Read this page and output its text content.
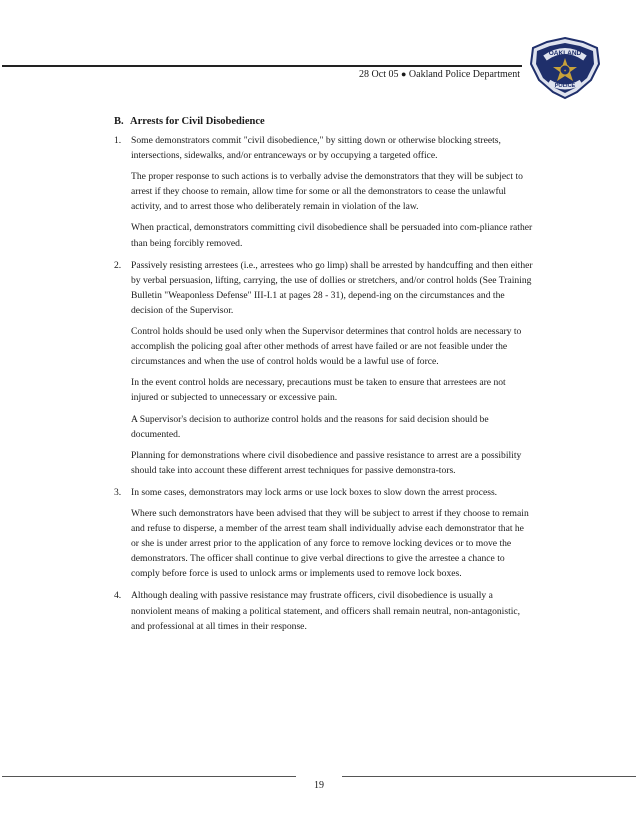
28 Oct 05 ● Oakland Police Department
OAKLAND
✦
POLICE
B. Arrests for Civil Disobedience
1. Some demonstrators commit "civil disobedience," by sitting down or otherwise blocking streets, intersections, sidewalks, and/or entranceways or by occupying a targeted office.

The proper response to such actions is to verbally advise the demonstrators that they will be subject to arrest if they choose to remain, allow time for some or all the demonstrators to cease the unlawful activity, and to arrest those who deliberately remain in violation of the law.

When practical, demonstrators committing civil disobedience shall be persuaded into com-pliance rather than being forcibly removed.

2. Passively resisting arrestees (i.e., arrestees who go limp) shall be arrested by handcuffing and then either by verbal persuasion, lifting, carrying, the use of dollies or stretchers, and/or control holds (See Training Bulletin "Weaponless Defense" III-I.1 at pages 28 - 31), depend-ing on the circumstances and the decision of the Supervisor.

Control holds should be used only when the Supervisor determines that control holds are necessary to accomplish the policing goal after other methods of arrest have failed or are not feasible under the circumstances and when the use of control holds would be a lawful use of force.

In the event control holds are necessary, precautions must be taken to ensure that arrestees are not injured or subjected to unnecessary or excessive pain.

A Supervisor's decision to authorize control holds and the reasons for said decision should be documented.

Planning for demonstrations where civil disobedience and passive resistance to arrest are a possibility should take into account these different arrest techniques for passive demonstra-tors.

3. In some cases, demonstrators may lock arms or use lock boxes to slow down the arrest process.

Where such demonstrators have been advised that they will be subject to arrest if they choose to remain and refuse to disperse, a member of the arrest team shall individually advise each demonstrator that he or she is under arrest prior to the application of any force to remove locking devices or to move the demonstrators. The officer shall continue to give verbal directions to give the arrestee a chance to comply before force is used to unlock arms or implements used to remove lock boxes.

4. Although dealing with passive resistance may frustrate officers, civil disobedience is usually a nonviolent means of making a political statement, and officers shall remain neutral, non-antagonistic, and professional at all times in their response.

19
